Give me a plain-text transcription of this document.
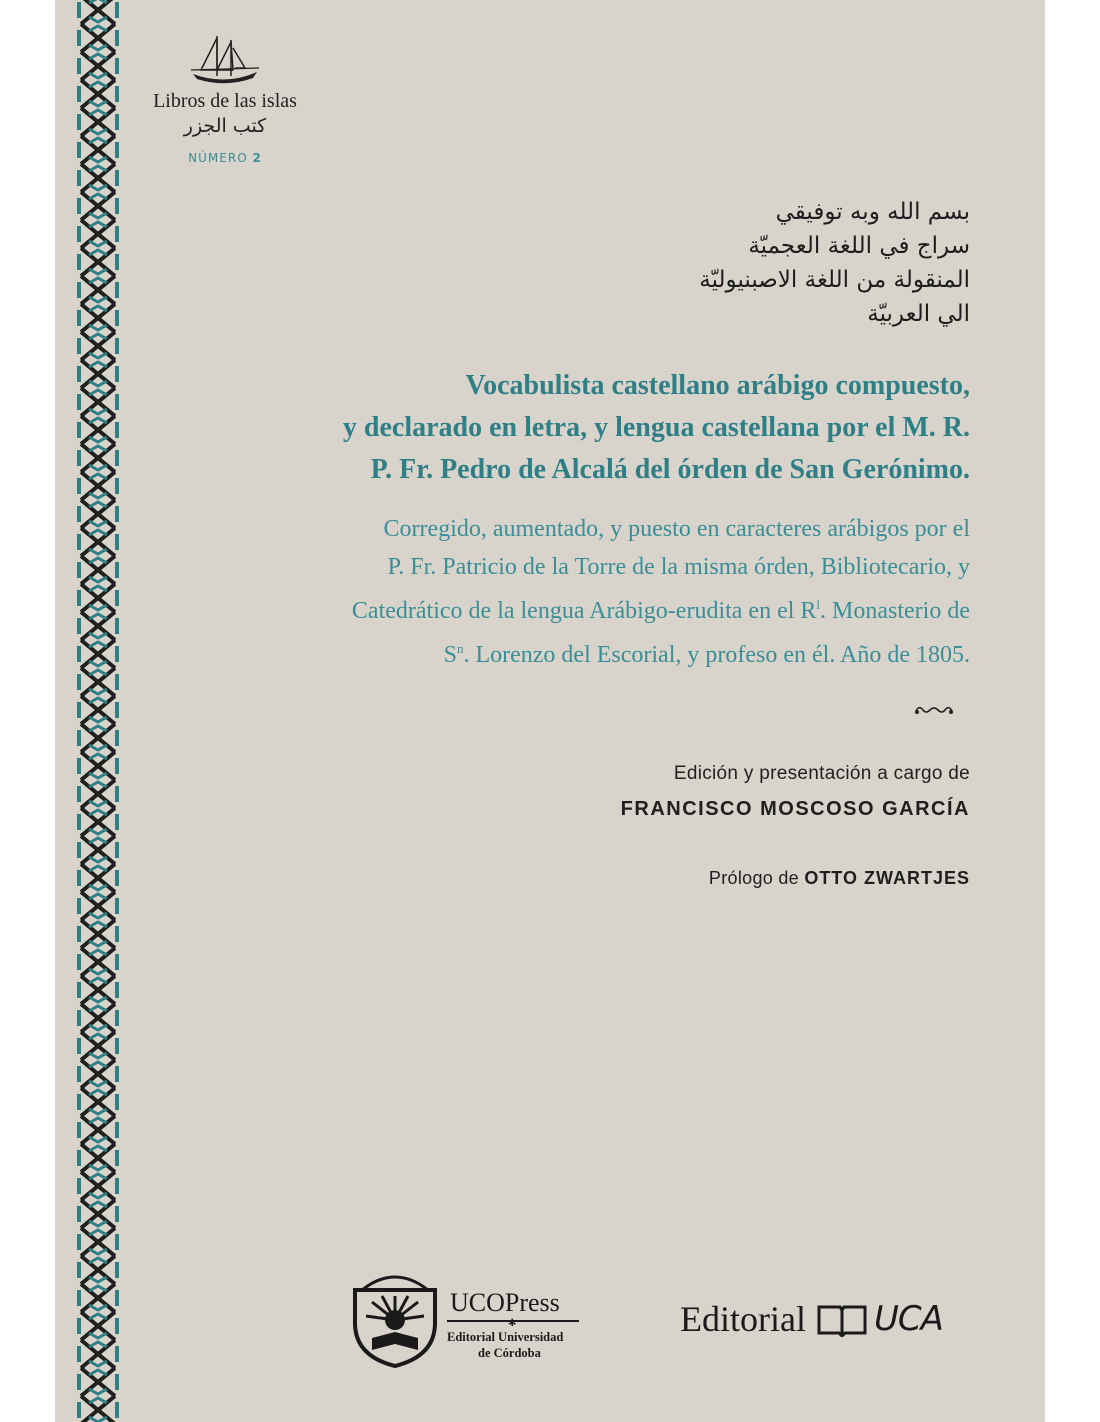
Libros de las islas
كتب الجزر
NÚMERO 2
بسم الله وبه توفيقي
سراج في اللغة العجميّة
المنقولة من اللغة الاصبنيوليّة
الي العربيّة
Vocabulista castellano arábigo compuesto,
y declarado en letra, y lengua castellana por el M. R.
P. Fr. Pedro de Alcalá del órden de San Gerónimo.
Corregido, aumentado, y puesto en caracteres arábigos por el
P. Fr. Patricio de la Torre de la misma órden, Bibliotecario, y
Catedrático de la lengua Arábigo-erudita en el $R^l$. Monasterio de
$S^n$. Lorenzo del Escorial, y profeso en él. Año de 1805.
Edición y presentación a cargo de
FRANCISCO MOSCOSO GARCÍA
Prólogo de OTTO ZWARTJES
UCOPress
✱
Editorial Universidad
de Córdoba
Editorial UCA
